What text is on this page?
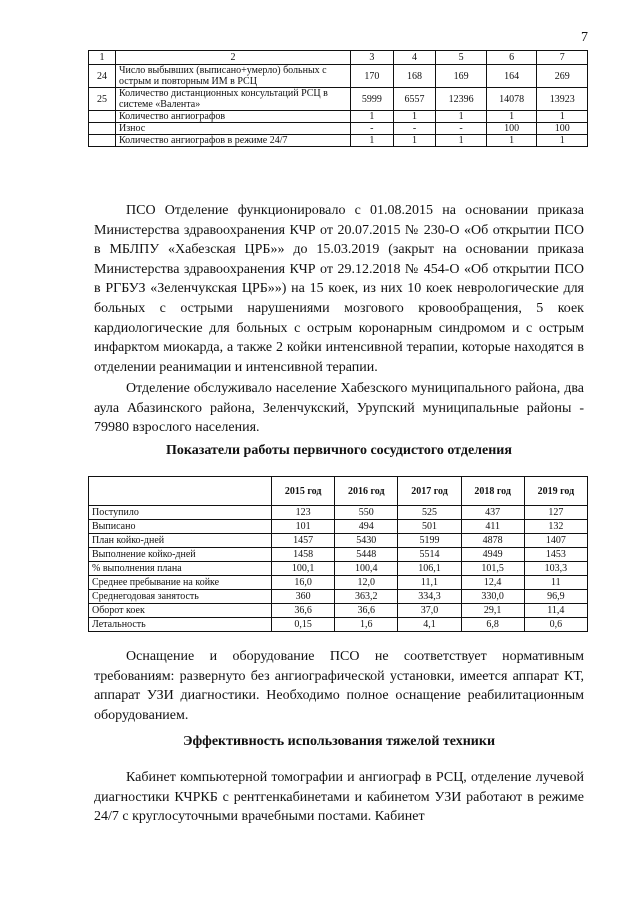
7
1	2	3	4	5	6	7
24	Число выбывших (выписано+умерло) больных с острым и повторным ИМ в РСЦ	170	168	169	164	269
25	Количество дистанционных консультаций РСЦ в системе «Валента»	5999	6557	12396	14078	13923
	Количество ангиографов	1	1	1	1	1
	Износ	-	-	-	100	100
	Количество ангиографов в режиме 24/7	1	1	1	1	1

ПСО Отделение функционировало с 01.08.2015 на основании приказа Министерства здравоохранения КЧР от 20.07.2015 № 230-О «Об открытии ПСО в МБЛПУ «Хабезская ЦРБ»» до 15.03.2019 (закрыт на основании приказа Министерства здравоохранения КЧР от 29.12.2018 № 454-О «Об открытии ПСО в РГБУЗ «Зеленчукская ЦРБ»») на 15 коек, из них 10 коек неврологические для больных с острыми нарушениями мозгового кровообращения, 5 коек кардиологические для больных с острым коронарным синдромом и с острым инфарктом миокарда, а также 2 койки интенсивной терапии, которые находятся в отделении реанимации и интенсивной терапии.

Отделение обслуживало население Хабезского муниципального района, два аула Абазинского района, Зеленчукский, Урупский муниципальные районы - 79980 взрослого населения.

Показатели работы первичного сосудистого отделения

	2015 год	2016 год	2017 год	2018 год	2019 год
Поступило	123	550	525	437	127
Выписано	101	494	501	411	132
План койко-дней	1457	5430	5199	4878	1407
Выполнение койко-дней	1458	5448	5514	4949	1453
% выполнения плана	100,1	100,4	106,1	101,5	103,3
Среднее пребывание на койке	16,0	12,0	11,1	12,4	11
Среднегодовая занятость	360	363,2	334,3	330,0	96,9
Оборот коек	36,6	36,6	37,0	29,1	11,4
Летальность	0,15	1,6	4,1	6,8	0,6

Оснащение и оборудование ПСО не соответствует нормативным требованиям: развернуто без ангиографической установки, имеется аппарат КТ, аппарат УЗИ диагностики. Необходимо полное оснащение реабилитационным оборудованием.

Эффективность использования тяжелой техники

Кабинет компьютерной томографии и ангиограф в РСЦ, отделение лучевой диагностики КЧРКБ с рентгенкабинетами и кабинетом УЗИ работают в режиме 24/7 с круглосуточными врачебными постами. Кабинет
